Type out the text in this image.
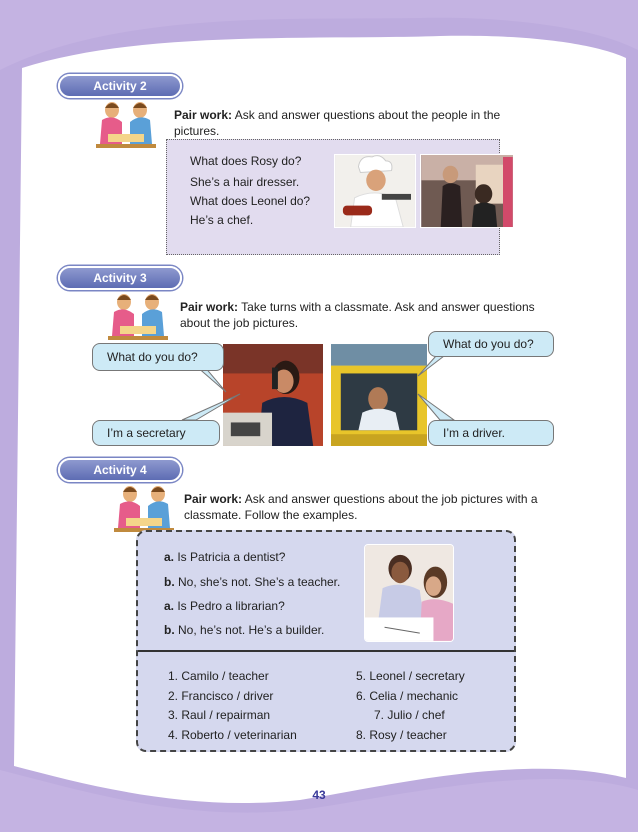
Activity 2
Pair work: Ask and answer questions about the people in the
pictures.
What does Rosy do?
She’s a hair dresser.
What does Leonel do?
He’s a chef.
Activity 3
Pair work: Take turns with a classmate. Ask and answer questions
about the job pictures.
What do you do?
What do you do?
I’m a secretary	I’m a driver.
Activity 4
Pair work: Ask and answer questions about the job pictures with a
classmate. Follow the examples.
a. Is Patricia a dentist?
b. No, she’s not. She’s a teacher.
a. Is Pedro a librarian?
b. No, he’s not. He’s a builder.
1. Camilo / teacher
2. Francisco / driver
3. Raul / repairman
4. Roberto / veterinarian
5. Leonel / secretary
6. Celia / mechanic
7. Julio / chef
8. Rosy / teacher
43
